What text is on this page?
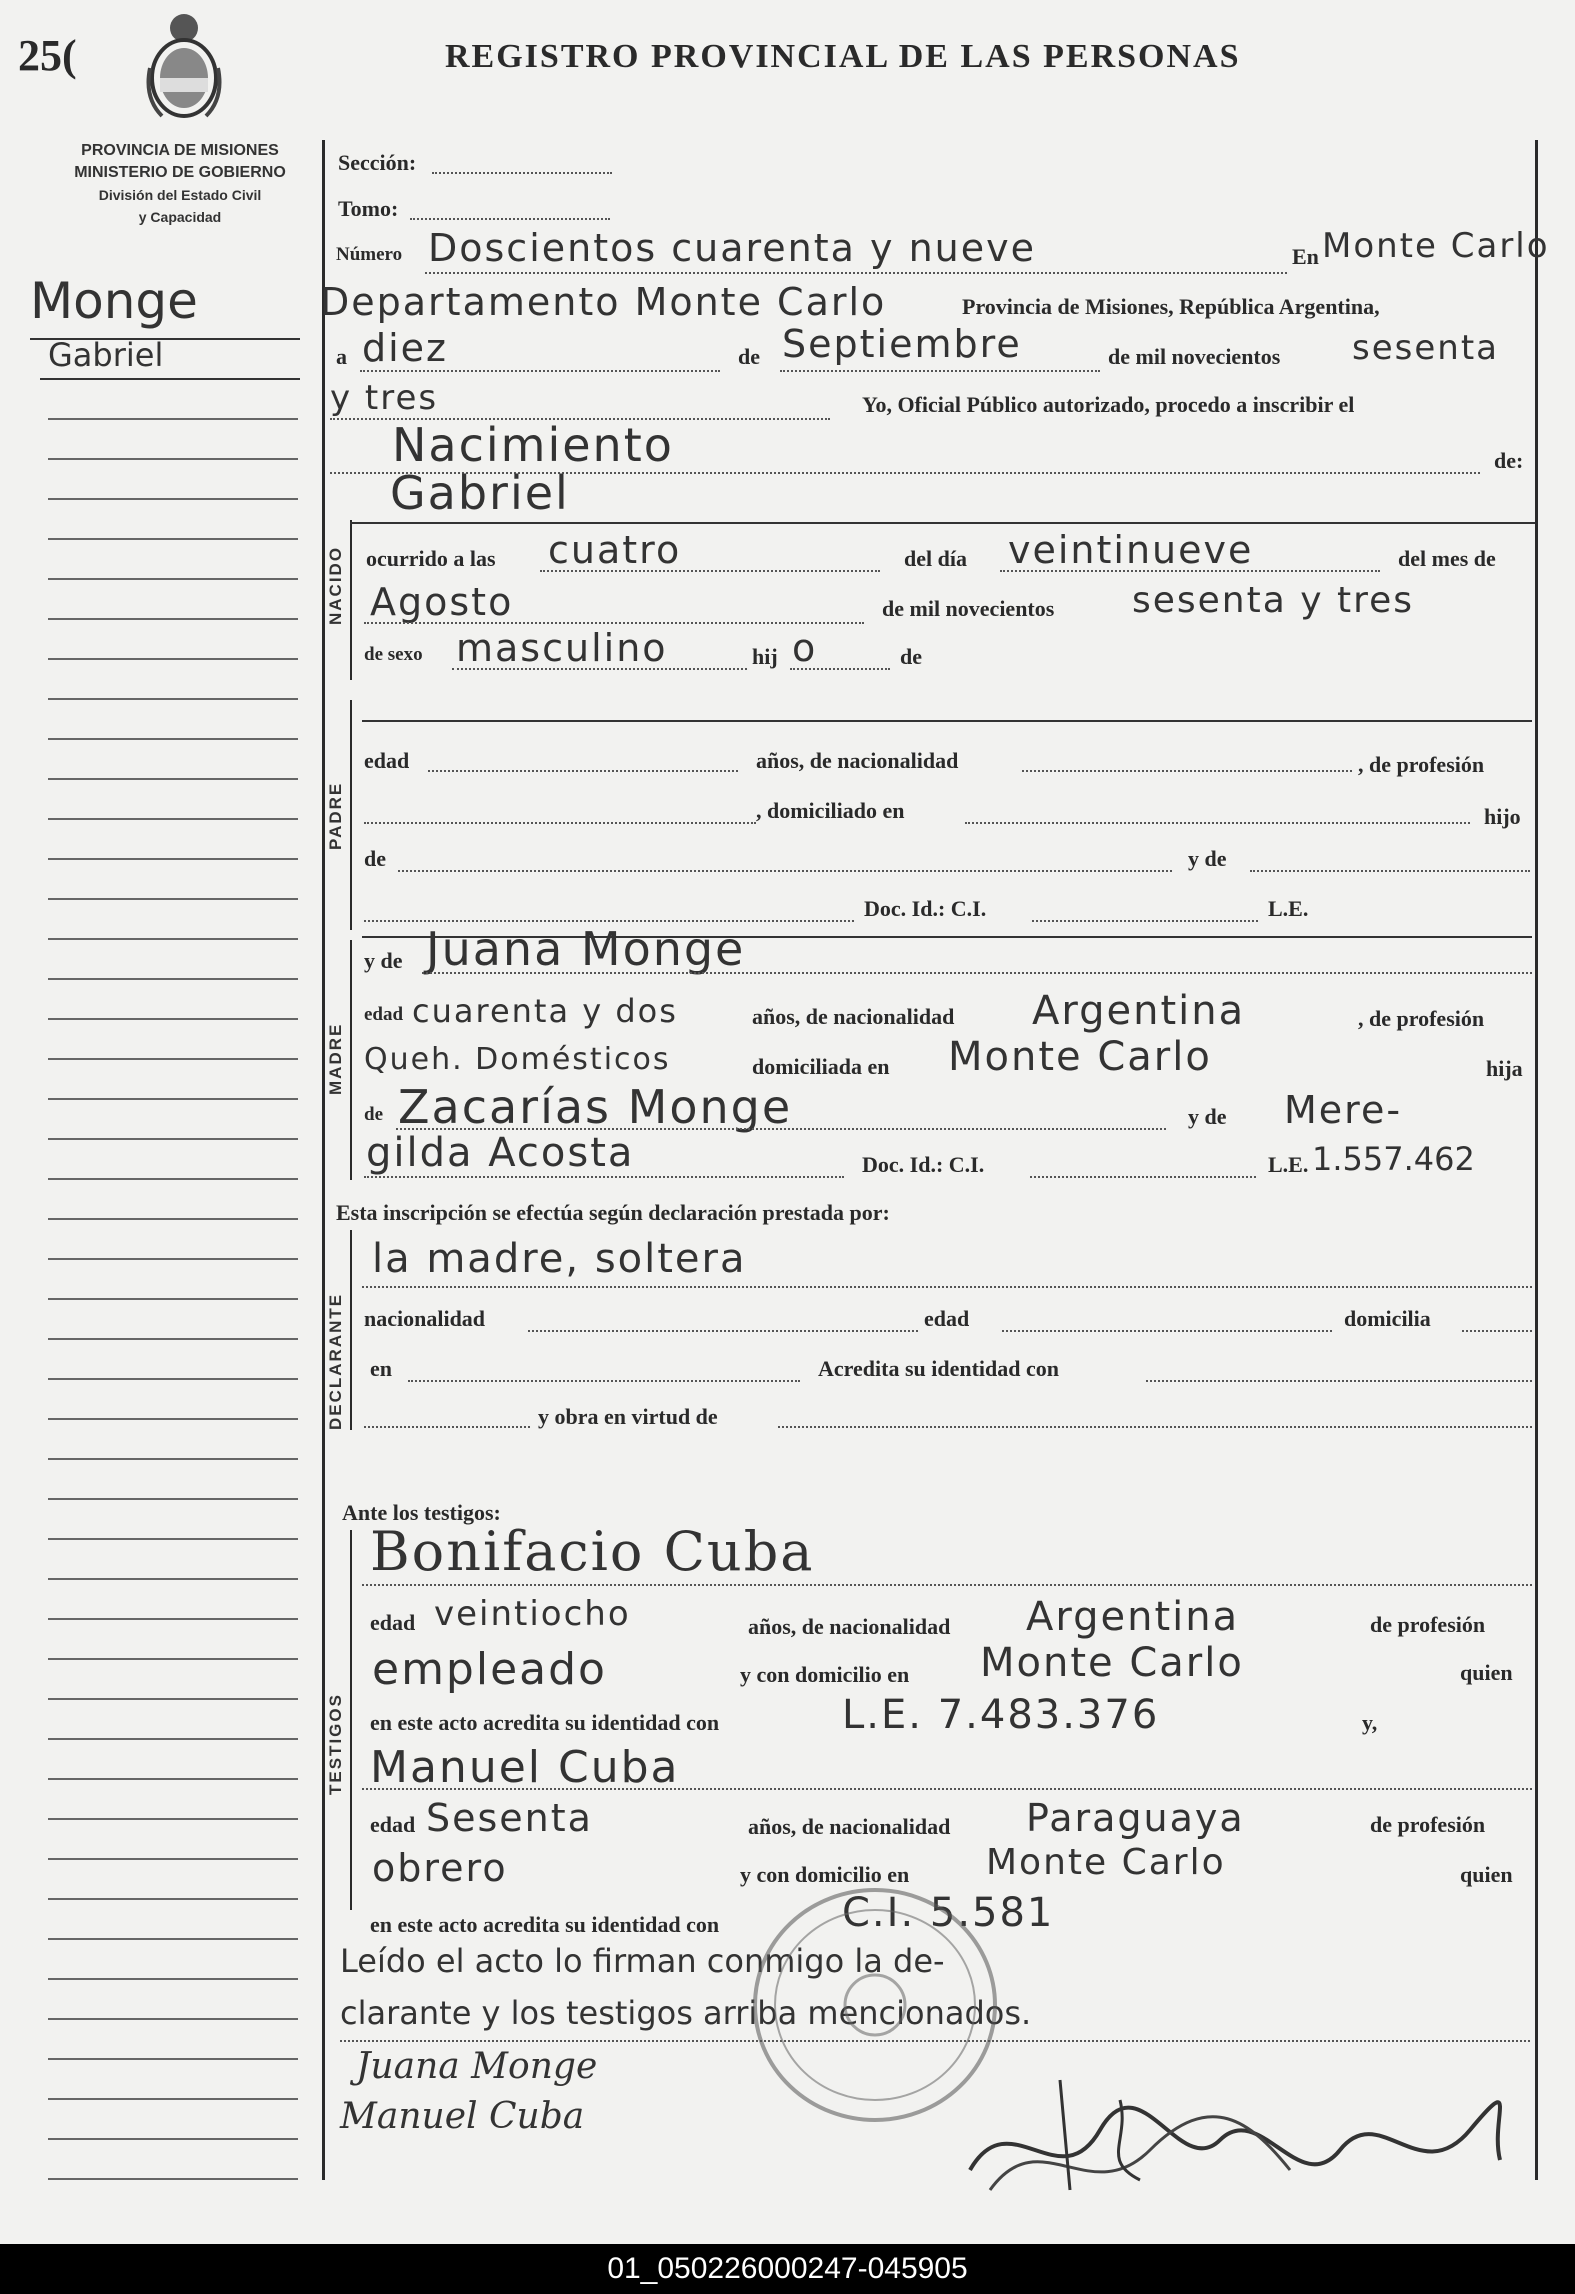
25(	REGISTRO PROVINCIAL DE LAS PERSONAS
PROVINCIA DE MISIONES
MINISTERIO DE GOBIERNO
División del Estado Civil
y Capacidad
Monge
Gabriel
Sección:
Tomo:
Número Doscientos cuarenta y nueve	En Monte Carlo
Departamento Monte Carlo	Provincia de Misiones, República Argentina,
a diez	de Septiembre	de mil novecientos sesenta
y tres	Yo, Oficial Público autorizado, procedo a inscribir el
Nacimiento	de:
Gabriel
NACIDO ocurrido a las cuatro	del día veintinueve	del mes de
Agosto	de mil novecientos sesenta y tres
de sexo masculino	hij o	de
PADRE
edad	años, de nacionalidad	, de profesión
, domiciliado en	hijo
de	y de
Doc. Id.: C.I.	L.E.
MADRE
y de Juana Monge
edad cuarenta y dos	años, de nacionalidad Argentina	, de profesión
Queh. Domésticos	domiciliada en Monte Carlo	hija
de Zacarías Monge	y de Mere-
gilda Acosta	Doc. Id.: C.I.	L.E. 1.557.462
Esta inscripción se efectúa según declaración prestada por:
la madre, soltera
DECLARANTE nacionalidad	edad	domicilia
en	Acredita su identidad con
y obra en virtud de
Ante los testigos:
Bonifacio Cuba
TESTIGOS
edad veintiocho	años, de nacionalidad Argentina	de profesión
empleado	y con domicilio en Monte Carlo	quien
en este acto acredita su identidad con	L.E. 7.483.376	y,
Manuel Cuba
edad Sesenta	años, de nacionalidad Paraguaya	de profesión
obrero	y con domicilio en Monte Carlo	quien
en este acto acredita su identidad con	C.I. 5.581
Leído el acto lo firman conmigo la de-
clarante y los testigos arriba mencionados.
Juana Monge
Manuel Cuba
01_050226000247-045905
